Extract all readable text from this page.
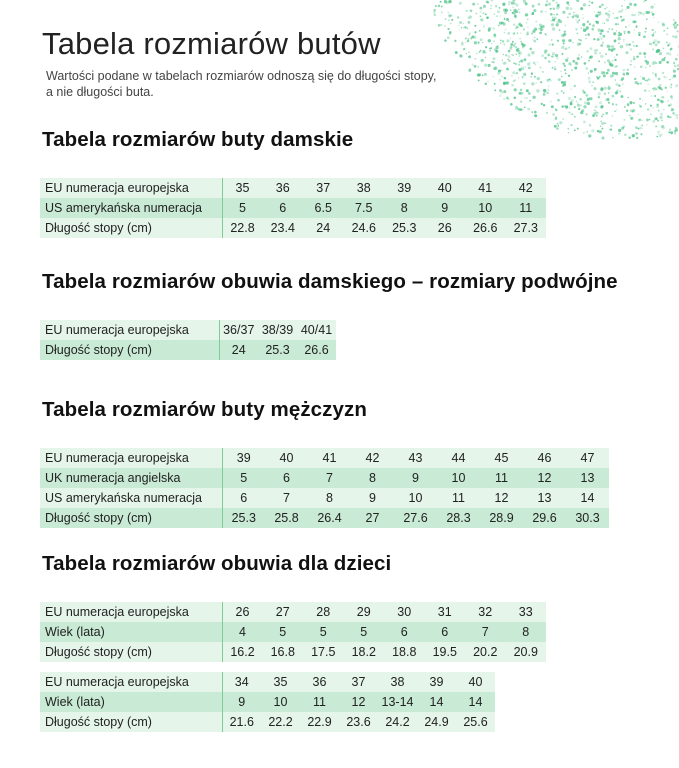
Tabela rozmiarów butów
Wartości podane w tabelach rozmiarów odnoszą się do długości stopy,
a nie długości buta.
Tabela rozmiarów buty damskie
EU numeracja europejska	35	36	37	38	39	40	41	42
US amerykańska numeracja	5	6	6.5	7.5	8	9	10	11
Długość stopy (cm)	22.8	23.4	24	24.6	25.3	26	26.6	27.3
Tabela rozmiarów obuwia damskiego – rozmiary podwójne
EU numeracja europejska	36/37	38/39	40/41
Długość stopy (cm)	24	25.3	26.6
Tabela rozmiarów buty mężczyzn
EU numeracja europejska	39	40	41	42	43	44	45	46	47
UK numeracja angielska	5	6	7	8	9	10	11	12	13
US amerykańska numeracja	6	7	8	9	10	11	12	13	14
Długość stopy (cm)	25.3	25.8	26.4	27	27.6	28.3	28.9	29.6	30.3
Tabela rozmiarów obuwia dla dzieci
EU numeracja europejska	26	27	28	29	30	31	32	33
Wiek (lata)	4	5	5	5	6	6	7	8
Długość stopy (cm)	16.2	16.8	17.5	18.2	18.8	19.5	20.2	20.9
EU numeracja europejska	34	35	36	37	38	39	40
Wiek (lata)	9	10	11	12	13-14	14	14
Długość stopy (cm)	21.6	22.2	22.9	23.6	24.2	24.9	25.6
